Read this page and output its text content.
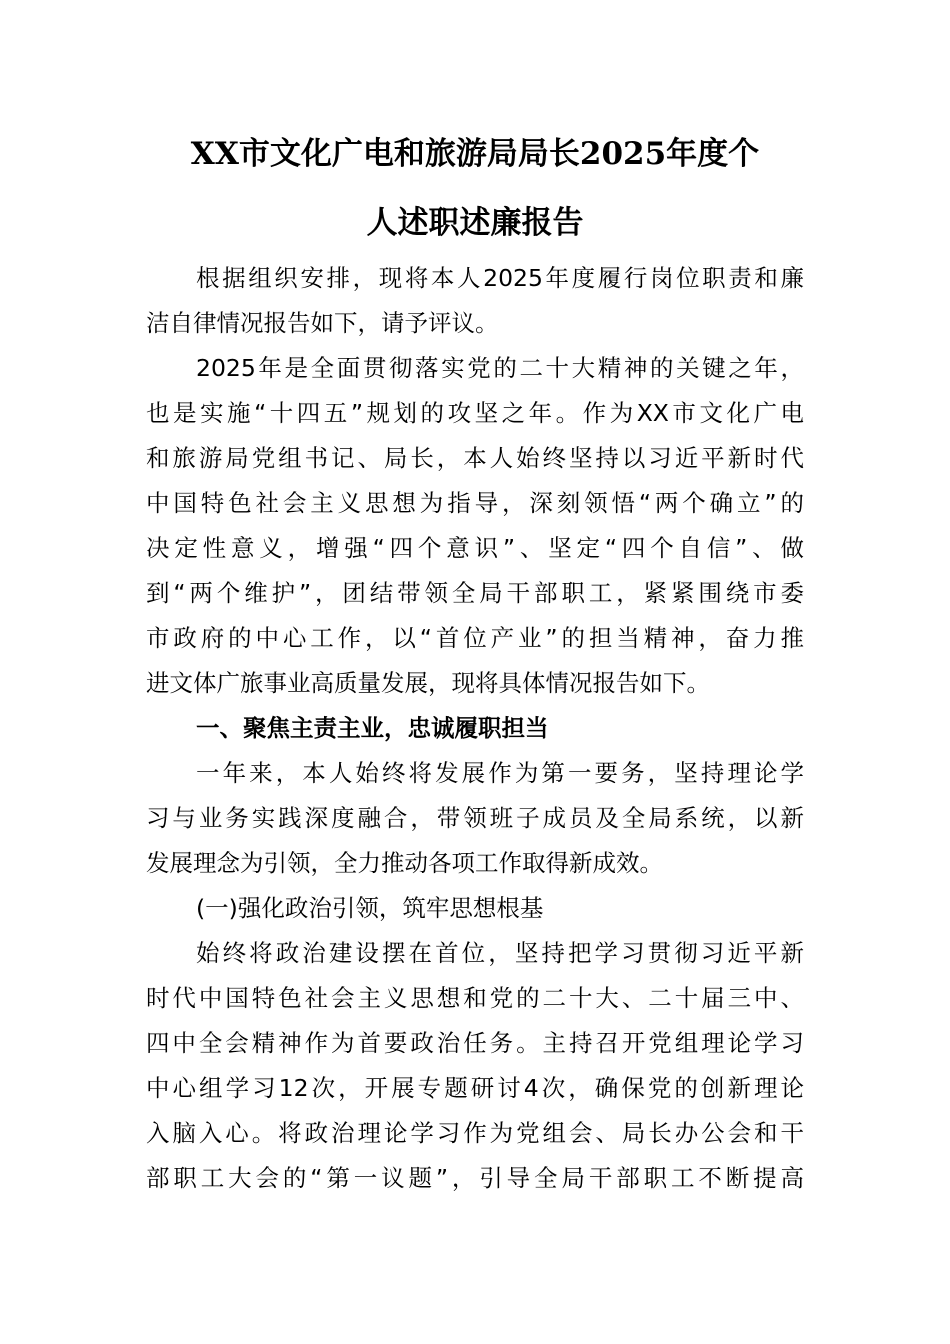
XX市文化广电和旅游局局长2025年度个
人述职述廉报告
根据组织安排，现将本人2025年度履行岗位职责和廉
洁自律情况报告如下，请予评议。
2025年是全面贯彻落实党的二十大精神的关键之年，
也是实施“十四五”规划的攻坚之年。作为XX市文化广电
和旅游局党组书记、局长，本人始终坚持以习近平新时代
中国特色社会主义思想为指导，深刻领悟“两个确立”的
决定性意义，增强“四个意识”、坚定“四个自信”、做
到“两个维护”，团结带领全局干部职工，紧紧围绕市委
市政府的中心工作，以“首位产业”的担当精神，奋力推
进文体广旅事业高质量发展，现将具体情况报告如下。
一、聚焦主责主业，忠诚履职担当
一年来，本人始终将发展作为第一要务，坚持理论学
习与业务实践深度融合，带领班子成员及全局系统，以新
发展理念为引领，全力推动各项工作取得新成效。
(一)强化政治引领，筑牢思想根基
始终将政治建设摆在首位，坚持把学习贯彻习近平新
时代中国特色社会主义思想和党的二十大、二十届三中、
四中全会精神作为首要政治任务。主持召开党组理论学习
中心组学习12次，开展专题研讨4次，确保党的创新理论
入脑入心。将政治理论学习作为党组会、局长办公会和干
部职工大会的“第一议题”，引导全局干部职工不断提高
